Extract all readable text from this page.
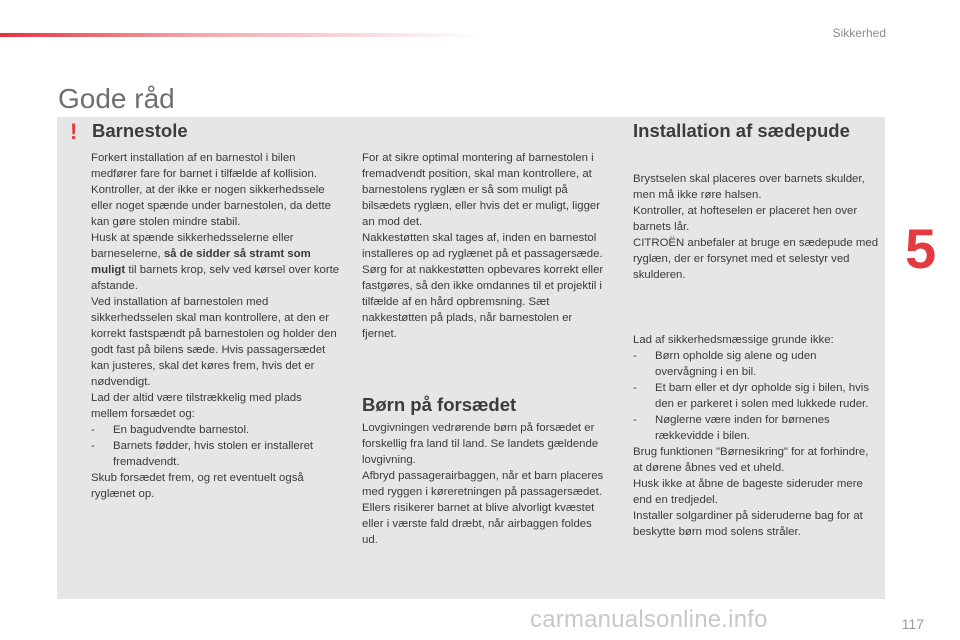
Sikkerhed
Gode råd
! Barnestole

Forkert installation af en barnestol i bilen medfører fare for barnet i tilfælde af kollision.

Kontroller, at der ikke er nogen sikkerhedssele eller noget spænde under barnestolen, da dette kan gøre stolen mindre stabil.

Husk at spænde sikkerhedsselerne eller barneselerne, så de sidder så stramt som muligt til barnets krop, selv ved kørsel over korte afstande.

Ved installation af barnestolen med sikkerhedsselen skal man kontrollere, at den er korrekt fastspændt på barnestolen og holder den godt fast på bilens sæde. Hvis passagersædet kan justeres, skal det køres frem, hvis det er nødvendigt.

Lad der altid være tilstrækkelig med plads mellem forsædet og:

- En bagudvendte barnestol.
- Barnets fødder, hvis stolen er installeret fremadvendt.

Skub forsædet frem, og ret eventuelt også ryglænet op.

For at sikre optimal montering af barnestolen i fremadvendt position, skal man kontrollere, at barnestolens ryglæn er så som muligt på bilsædets ryglæn, eller hvis det er muligt, ligger an mod det.

Nakkestøtten skal tages af, inden en barnestol installeres op ad ryglænet på et passagersæde.

Sørg for at nakkestøtten opbevares korrekt eller fastgøres, så den ikke omdannes til et projektil i tilfælde af en hård opbremsning. Sæt nakkestøtten på plads, når barnestolen er fjernet.

Børn på forsædet

Lovgivningen vedrørende børn på forsædet er forskellig fra land til land. Se landets gældende lovgivning.

Afbryd passagerairbaggen, når et barn placeres med ryggen i køreretningen på passagersædet. Ellers risikerer barnet at blive alvorligt kvæstet eller i værste fald dræbt, når airbaggen foldes ud.

Installation af sædepude

Brystselen skal placeres over barnets skulder, men må ikke røre halsen.

Kontroller, at hofteselen er placeret hen over barnets lår.

CITROËN anbefaler at bruge en sædepude med ryglæn, der er forsynet med et selestyr ved skulderen.

Lad af sikkerhedsmæssige grunde ikke:

- Børn opholde sig alene og uden overvågning i en bil.
- Et barn eller et dyr opholde sig i bilen, hvis den er parkeret i solen med lukkede ruder.
- Nøglerne være inden for børnenes rækkevidde i bilen.

Brug funktionen "Børnesikring" for at forhindre, at dørene åbnes ved et uheld.

Husk ikke at åbne de bageste sideruder mere end en tredjedel.

Installer solgardiner på sideruderne bag for at beskytte børn mod solens stråler.

5
117
carmanualsonline.info
